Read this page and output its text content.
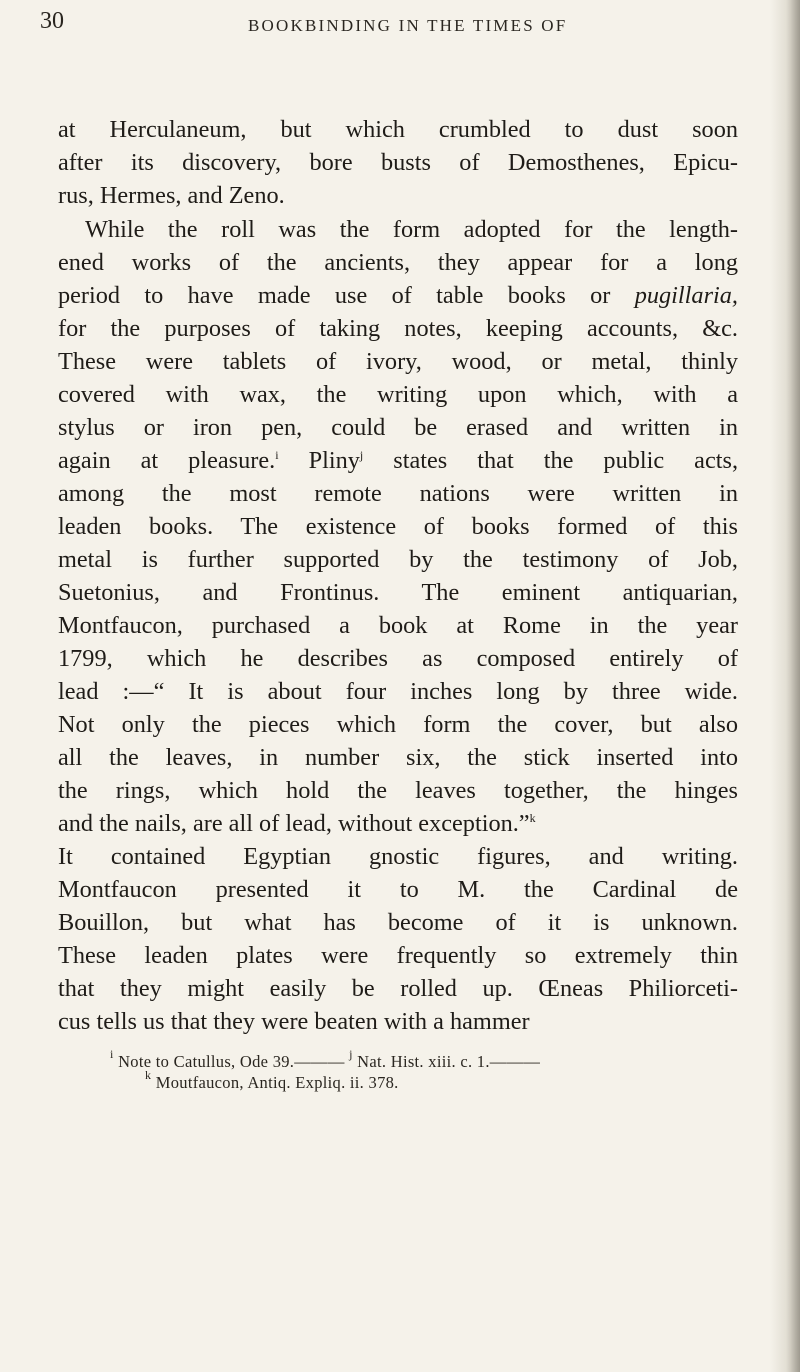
30	BOOKBINDING IN THE TIMES OF
at Herculaneum, but which crumbled to dust soon
after its discovery, bore busts of Demosthenes, Epicu-
rus, Hermes, and Zeno.
While the roll was the form adopted for the length-
ened works of the ancients, they appear for a long
period to have made use of table books or pugillaria,
for the purposes of taking notes, keeping accounts, &c.
These were tablets of ivory, wood, or metal, thinly
covered with wax, the writing upon which, with a
stylus or iron pen, could be erased and written in
again at pleasure.$^i$ Pliny$^j$ states that the public acts,
among the most remote nations were written in
leaden books. The existence of books formed of this
metal is further supported by the testimony of Job,
Suetonius, and Frontinus. The eminent antiquarian,
Montfaucon, purchased a book at Rome in the year
1799, which he describes as composed entirely of
lead :—“ It is about four inches long by three wide.
Not only the pieces which form the cover, but also
all the leaves, in number six, the stick inserted into
the rings, which hold the leaves together, the hinges
and the nails, are all of lead, without exception.”$^k$
It contained Egyptian gnostic figures, and writing.
Montfaucon presented it to M. the Cardinal de
Bouillon, but what has become of it is unknown.
These leaden plates were frequently so extremely thin
that they might easily be rolled up. Œneas Philiorceti-
cus tells us that they were beaten with a hammer
$^i$ Note to Catullus, Ode 39.——— $^j$ Nat. Hist. xiii. c. 1.———
$^k$ Moutfaucon, Antiq. Expliq. ii. 378.
